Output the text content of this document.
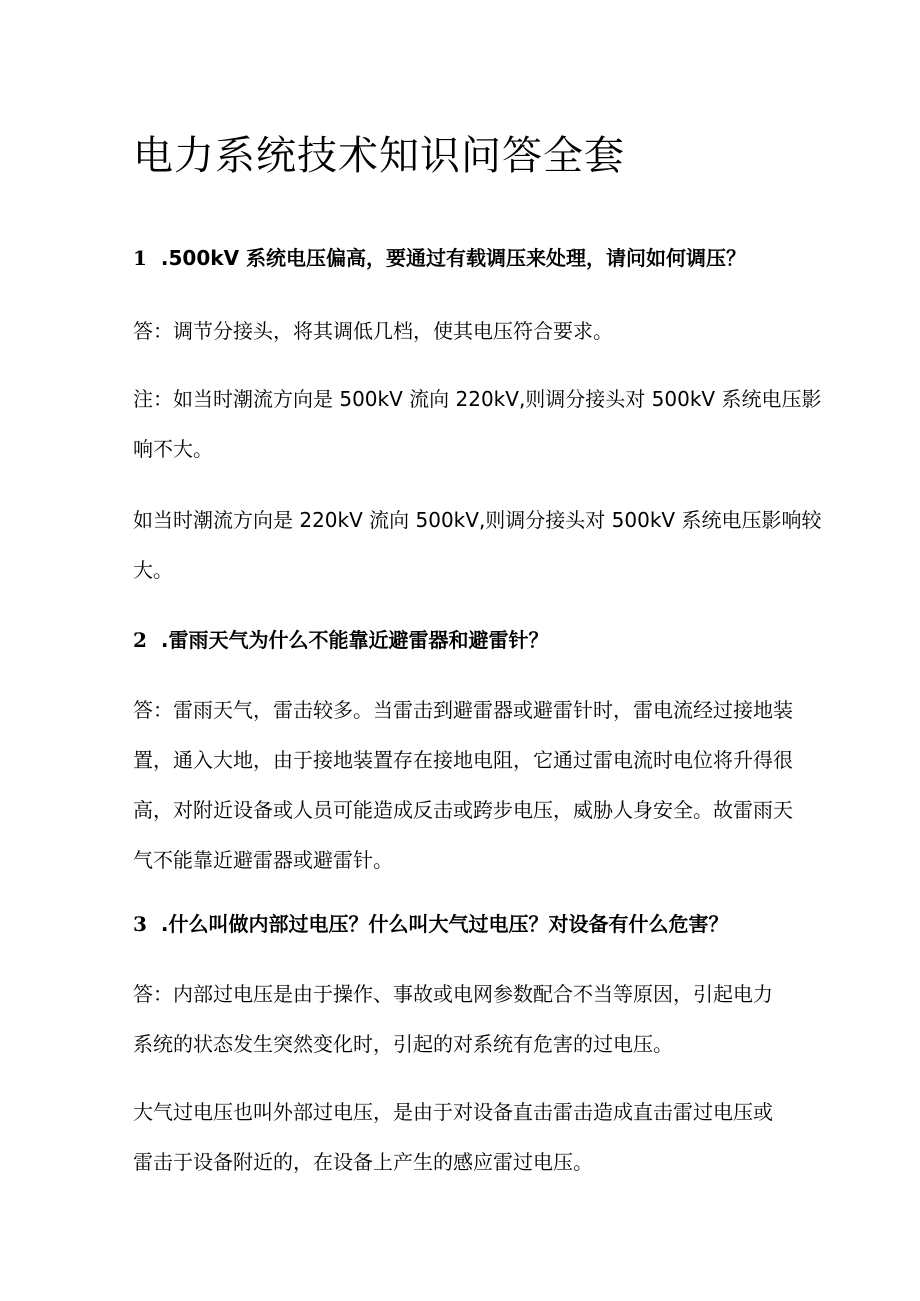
电力系统技术知识问答全套
1 .500kV 系统电压偏高，要通过有载调压来处理，请问如何调压？
答：调节分接头，将其调低几档，使其电压符合要求。
注：如当时潮流方向是 500kV 流向 220kV,则调分接头对 500kV 系统电压影
响不大。
如当时潮流方向是 220kV 流向 500kV,则调分接头对 500kV 系统电压影响较
大。
2 .雷雨天气为什么不能靠近避雷器和避雷针？
答：雷雨天气，雷击较多。当雷击到避雷器或避雷针时，雷电流经过接地装
置，通入大地，由于接地装置存在接地电阻，它通过雷电流时电位将升得很
高，对附近设备或人员可能造成反击或跨步电压，威胁人身安全。故雷雨天
气不能靠近避雷器或避雷针。
3 .什么叫做内部过电压？什么叫大气过电压？对设备有什么危害？
答：内部过电压是由于操作、事故或电网参数配合不当等原因，引起电力
系统的状态发生突然变化时，引起的对系统有危害的过电压。
大气过电压也叫外部过电压，是由于对设备直击雷击造成直击雷过电压或
雷击于设备附近的，在设备上产生的感应雷过电压。
